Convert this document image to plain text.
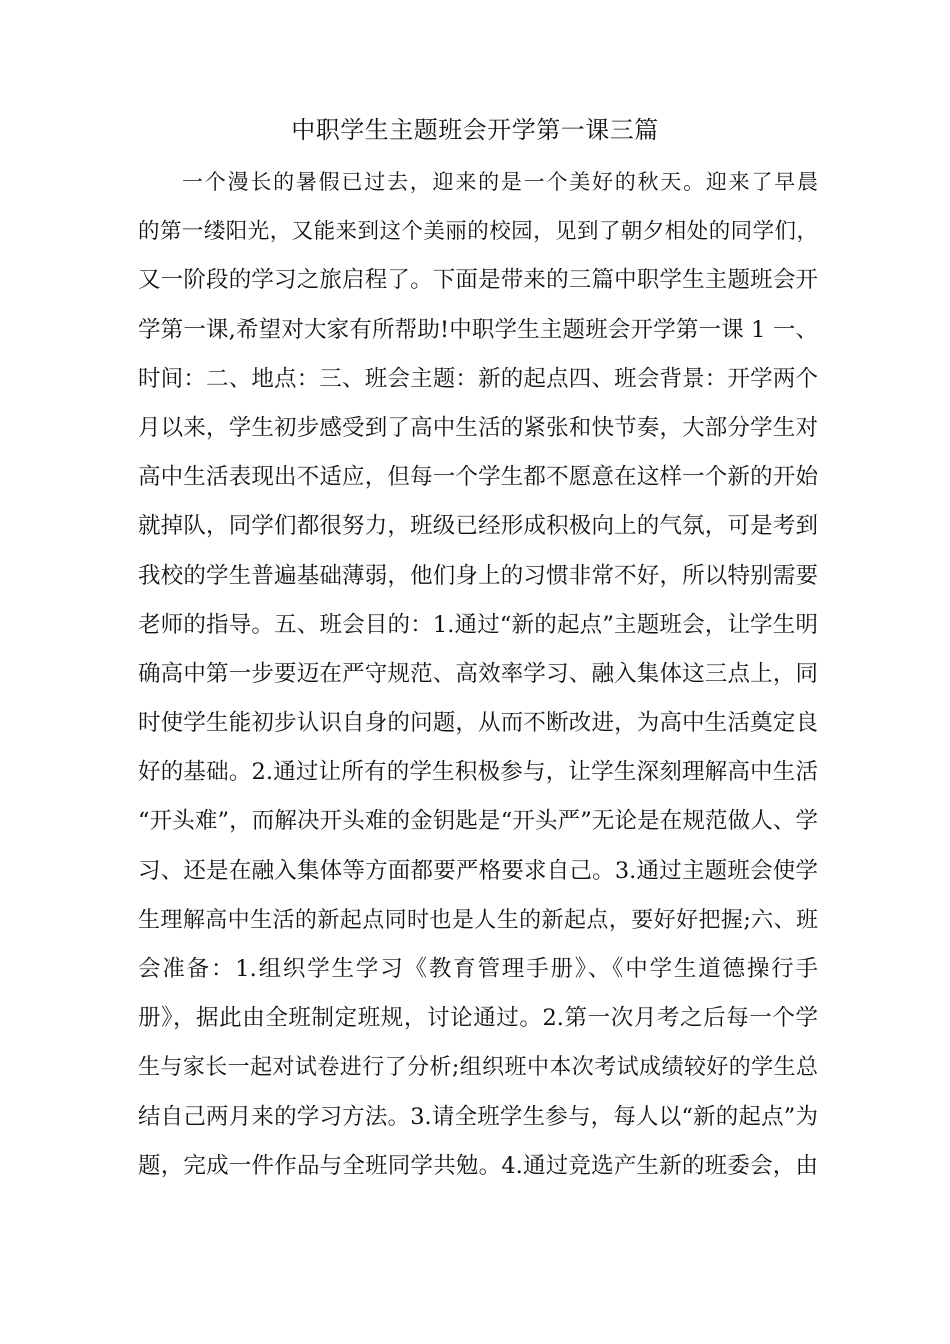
中职学生主题班会开学第一课三篇
一个漫长的暑假已过去，迎来的是一个美好的秋天。迎来了早晨
的第一缕阳光，又能来到这个美丽的校园，见到了朝夕相处的同学们，
又一阶段的学习之旅启程了。下面是带来的三篇中职学生主题班会开
学第一课,希望对大家有所帮助!中职学生主题班会开学第一课 1 一、
时间：二、地点：三、班会主题：新的起点四、班会背景：开学两个
月以来，学生初步感受到了高中生活的紧张和快节奏，大部分学生对
高中生活表现出不适应，但每一个学生都不愿意在这样一个新的开始
就掉队，同学们都很努力，班级已经形成积极向上的气氛，可是考到
我校的学生普遍基础薄弱，他们身上的习惯非常不好，所以特别需要
老师的指导。五、班会目的：1.通过“新的起点”主题班会，让学生明
确高中第一步要迈在严守规范、高效率学习、融入集体这三点上，同
时使学生能初步认识自身的问题，从而不断改进，为高中生活奠定良
好的基础。2.通过让所有的学生积极参与，让学生深刻理解高中生活
“开头难”，而解决开头难的金钥匙是“开头严”无论是在规范做人、学
习、还是在融入集体等方面都要严格要求自己。3.通过主题班会使学
生理解高中生活的新起点同时也是人生的新起点，要好好把握;六、班
会准备：1.组织学生学习《教育管理手册》、《中学生道德操行手
册》，据此由全班制定班规，讨论通过。2.第一次月考之后每一个学
生与家长一起对试卷进行了分析;组织班中本次考试成绩较好的学生总
结自己两月来的学习方法。3.请全班学生参与，每人以“新的起点”为
题，完成一件作品与全班同学共勉。4.通过竞选产生新的班委会，由
